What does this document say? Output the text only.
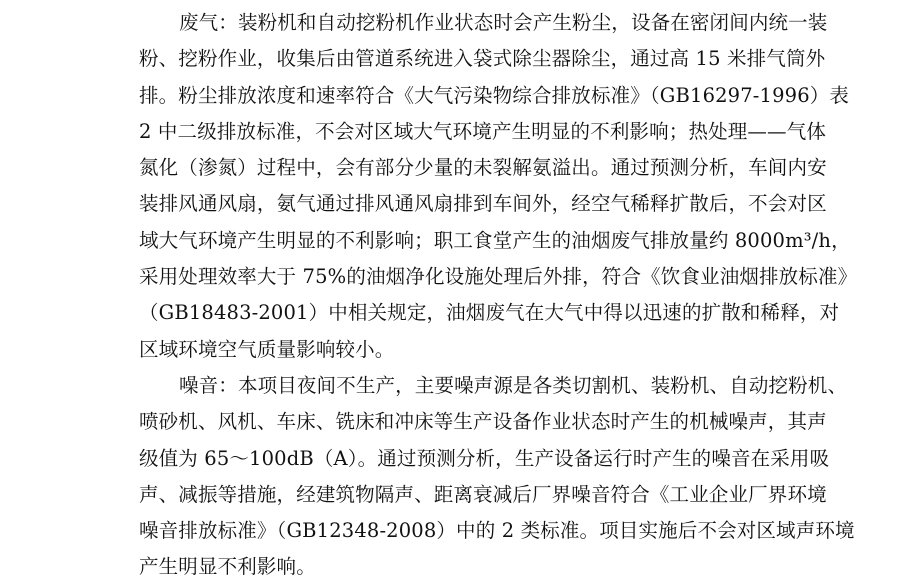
废气：装粉机和自动挖粉机作业状态时会产生粉尘，设备在密闭间内统一装
粉、挖粉作业，收集后由管道系统进入袋式除尘器除尘，通过高 15 米排气筒外
排。粉尘排放浓度和速率符合《大气污染物综合排放标准》（GB16297-1996）表
2 中二级排放标准，不会对区域大气环境产生明显的不利影响；热处理——气体
氮化（渗氮）过程中，会有部分少量的未裂解氨溢出。通过预测分析，车间内安
装排风通风扇，氨气通过排风通风扇排到车间外，经空气稀释扩散后，不会对区
域大气环境产生明显的不利影响；职工食堂产生的油烟废气排放量约 8000m³/h，
采用处理效率大于 75%的油烟净化设施处理后外排，符合《饮食业油烟排放标准》
（GB18483-2001）中相关规定，油烟废气在大气中得以迅速的扩散和稀释，对
区域环境空气质量影响较小。
噪音：本项目夜间不生产，主要噪声源是各类切割机、装粉机、自动挖粉机、
喷砂机、风机、车床、铣床和冲床等生产设备作业状态时产生的机械噪声，其声
级值为 65～100dB（A）。通过预测分析，生产设备运行时产生的噪音在采用吸
声、减振等措施，经建筑物隔声、距离衰减后厂界噪音符合《工业企业厂界环境
噪音排放标准》（GB12348-2008）中的 2 类标准。项目实施后不会对区域声环境
产生明显不利影响。
